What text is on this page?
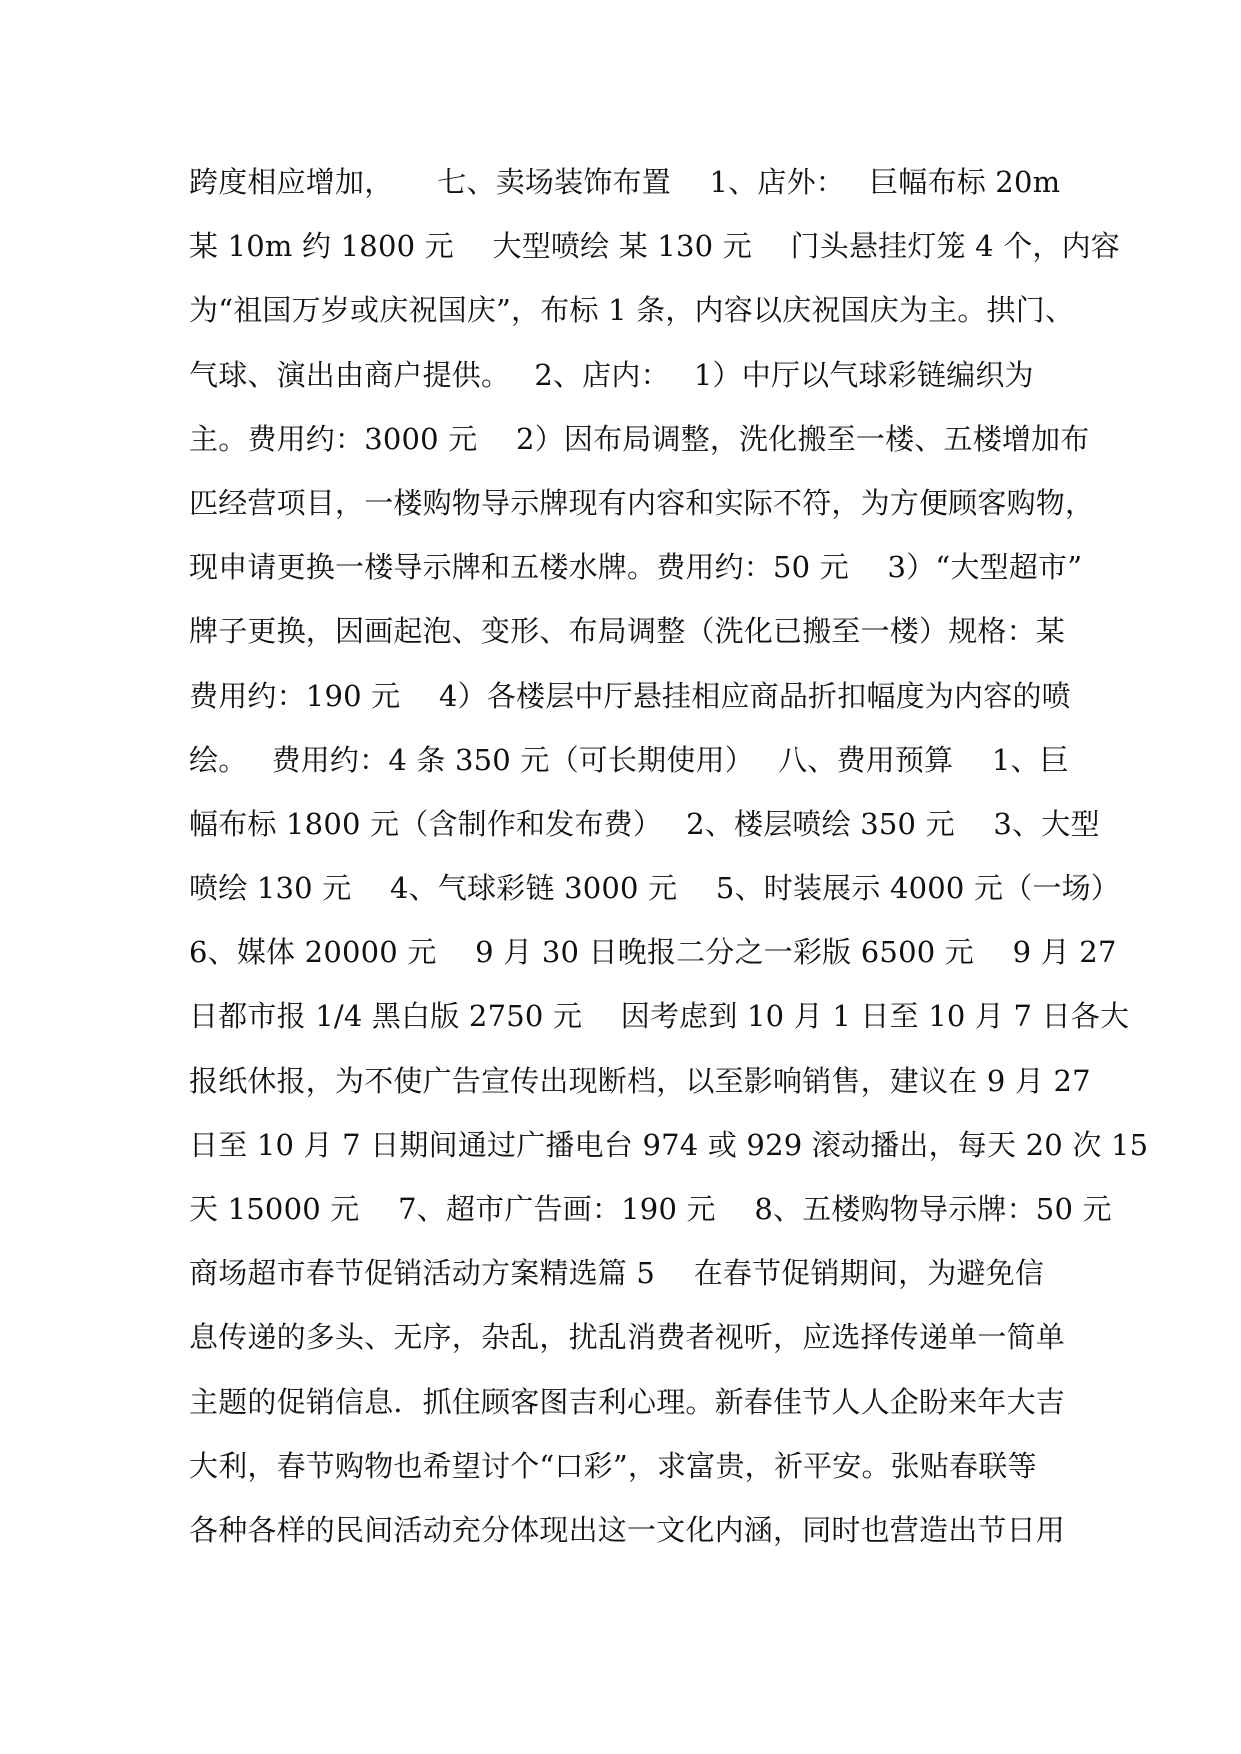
跨度相应增加，　　七、卖场装饰布置　 1、店外：　 巨幅布标 20m
某 10m 约 1800 元　 大型喷绘 某 130 元　 门头悬挂灯笼 4 个，内容
为“祖国万岁或庆祝国庆”，布标 1 条，内容以庆祝国庆为主。拱门、
气球、演出由商户提供。　 2、店内：　 1）中厅以气球彩链编织为
主。费用约：3000 元　 2）因布局调整，洗化搬至一楼、五楼增加布
匹经营项目，一楼购物导示牌现有内容和实际不符，为方便顾客购物，
现申请更换一楼导示牌和五楼水牌。费用约：50 元　 3）“大型超市”
牌子更换，因画起泡、变形、布局调整（洗化已搬至一楼）规格：某
费用约：190 元　 4）各楼层中厅悬挂相应商品折扣幅度为内容的喷
绘。　 费用约：4 条 350 元（可长期使用）　 八、费用预算　 1、巨
幅布标 1800 元（含制作和发布费）　 2、楼层喷绘 350 元　 3、大型
喷绘 130 元　 4、气球彩链 3000 元　 5、时装展示 4000 元（一场）
6、媒体 20000 元　 9 月 30 日晚报二分之一彩版 6500 元　 9 月 27
日都市报 1/4 黑白版 2750 元　 因考虑到 10 月 1 日至 10 月 7 日各大
报纸休报，为不使广告宣传出现断档，以至影响销售，建议在 9 月 27
日至 10 月 7 日期间通过广播电台 974 或 929 滚动播出，每天 20 次 15
天 15000 元　 7、超市广告画：190 元　 8、五楼购物导示牌：50 元
商场超市春节促销活动方案精选篇 5　 在春节促销期间，为避免信
息传递的多头、无序，杂乱，扰乱消费者视听，应选择传递单一简单
主题的促销信息．抓住顾客图吉利心理。新春佳节人人企盼来年大吉
大利，春节购物也希望讨个“口彩”，求富贵，祈平安。张贴春联等
各种各样的民间活动充分体现出这一文化内涵，同时也营造出节日用
